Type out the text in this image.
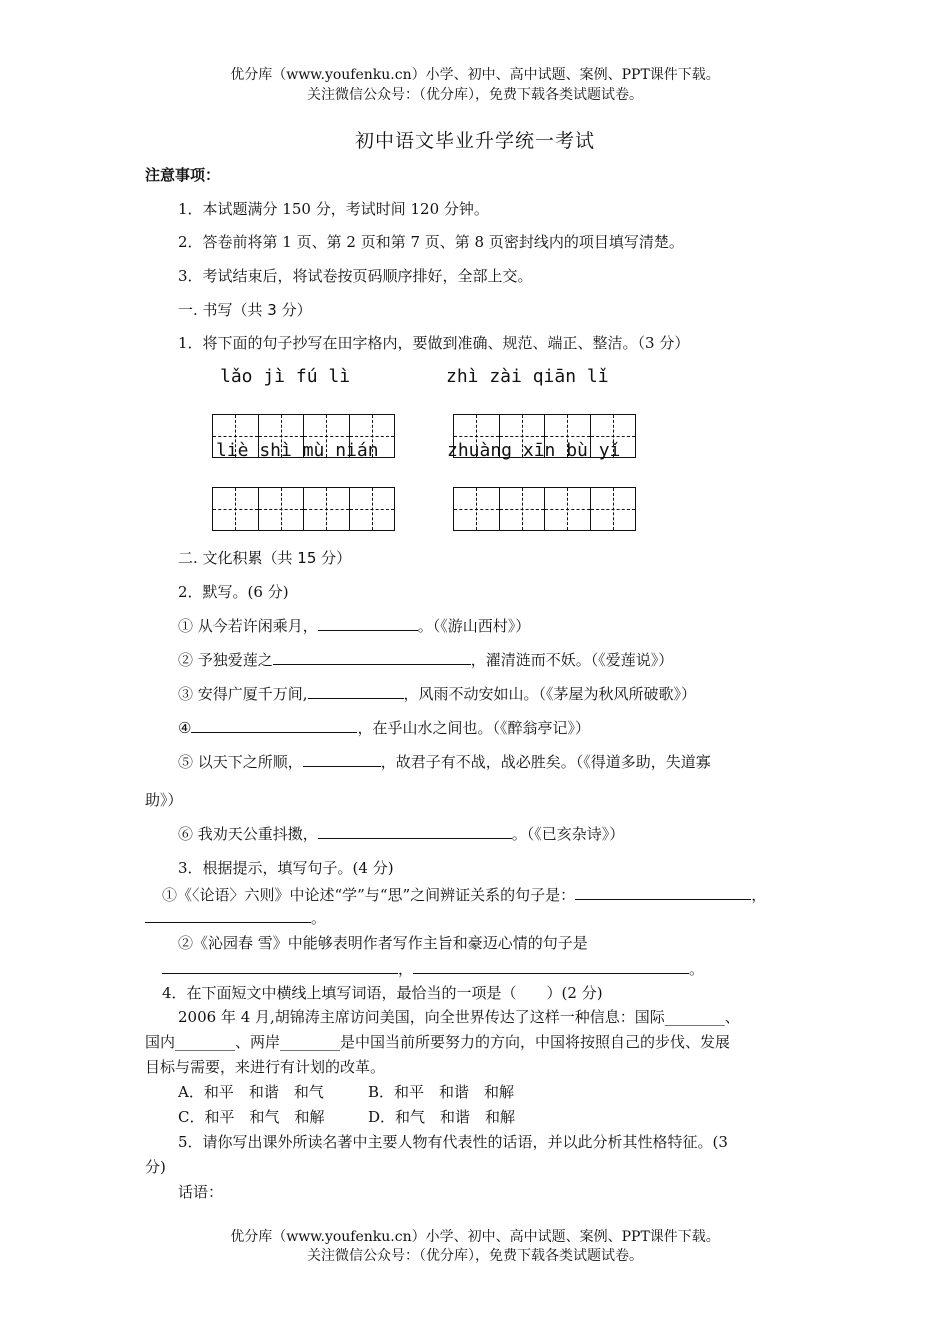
优分库（www.youfenku.cn）小学、初中、高中试题、案例、PPT课件下载。
关注微信公众号：（优分库），免费下载各类试题试卷。
初中语文毕业升学统一考试
注意事项：
1．本试题满分 150 分，考试时间 120 分钟。
2．答卷前将第 1 页、第 2 页和第 7 页、第 8 页密封线内的项目填写清楚。
3．考试结束后，将试卷按页码顺序排好，全部上交。
一. 书写（共 3 分）
1．将下面的句子抄写在田字格内，要做到准确、规范、端正、整洁。（3 分）
lǎo jì fú lì	zhì zài qiān lǐ
liè shì mù nián	zhuàng xīn bù yǐ
二. 文化积累（共 15 分）
2．默写。(6 分)
① 从今若许闲乘月，	。（《游山西村》）
② 予独爱莲之	，濯清涟而不妖。（《爱莲说》）
③ 安得广厦千万间,	，风雨不动安如山。（《茅屋为秋风所破歌》）
④	，在乎山水之间也。（《醉翁亭记》）
⑤ 以天下之所顺，	，故君子有不战，战必胜矣。（《得道多助，失道寡
助》）
⑥ 我劝天公重抖擞，	。（《已亥杂诗》）
3．根据提示，填写句子。(4 分)
①《〈论语〉六则》中论述“学”与“思”之间辨证关系的句子是：	，
。
②《沁园春 雪》中能够表明作者写作主旨和豪迈心情的句子是
，	。
4．在下面短文中横线上填写词语，最恰当的一项是（　　）(2 分)
2006 年 4 月,胡锦涛主席访问美国，向全世界传达了这样一种信息：国际________、
国内________、两岸________是中国当前所要努力的方向，中国将按照自己的步伐、发展
目标与需要，来进行有计划的改革。
A．和平　和谐　和气	B．和平　和谐　和解
C．和平　和气　和解	D．和气　和谐　和解
5．请你写出课外所读名著中主要人物有代表性的话语，并以此分析其性格特征。(3
分)
话语：
优分库（www.youfenku.cn）小学、初中、高中试题、案例、PPT课件下载。
关注微信公众号：（优分库），免费下载各类试题试卷。
